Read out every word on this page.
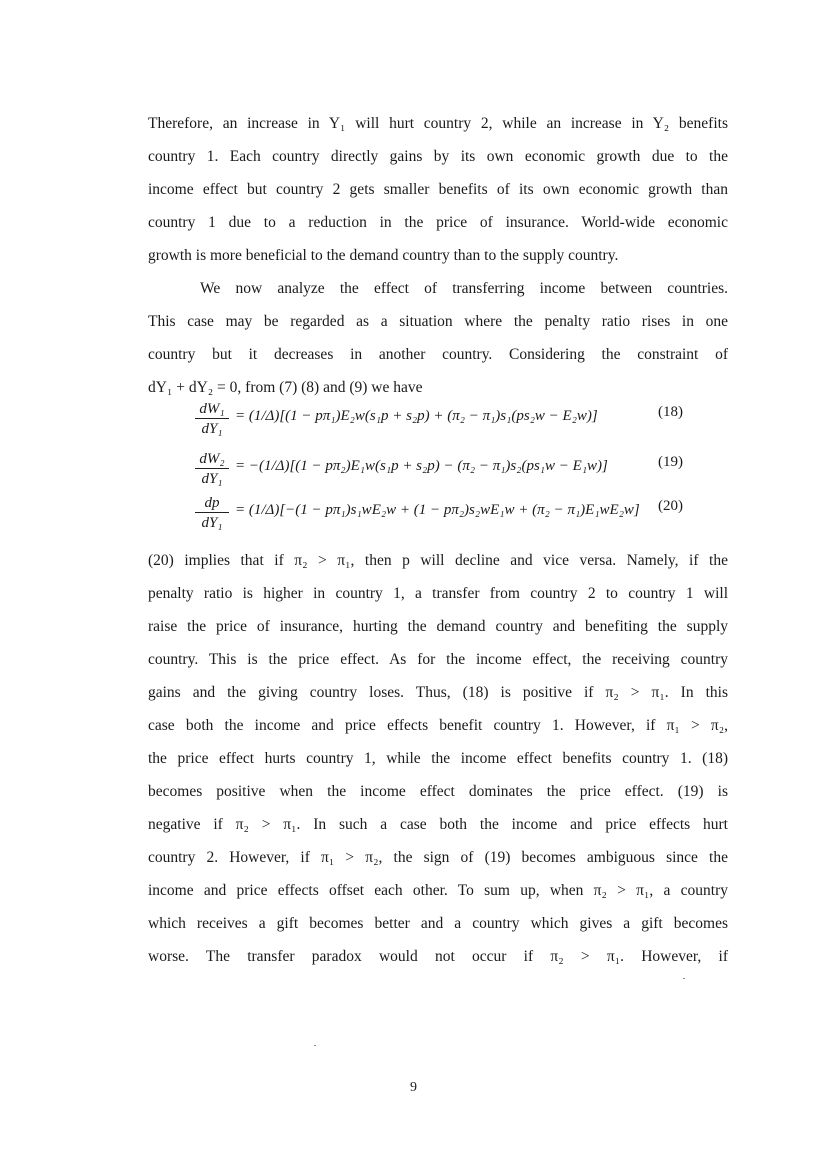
Therefore, an increase in Y₁ will hurt country 2, while an increase in Y₂ benefits
country 1. Each country directly gains by its own economic growth due to the
income effect but country 2 gets smaller benefits of its own economic growth than
country 1 due to a reduction in the price of insurance. World-wide economic
growth is more beneficial to the demand country than to the supply country.
We now analyze the effect of transferring income between countries.
This case may be regarded as a situation where the penalty ratio rises in one
country but it decreases in another country. Considering the constraint of
dY₁ + dY₂ = 0, from (7) (8) and (9) we have
$\frac{\text{dW₁}}{\text{dY₁}} = (1/\Delta)[(1 - p\pi_1)E_2w(s_1p + s_2p) + (\pi_2 - \pi_1)s_1(ps_2w - E_2w)]$	(18)
$\frac{\text{dW₂}}{\text{dY₁}} = -(1/\Delta)[(1 - p\pi_2)E_1w(s_1p + s_2p) - (\pi_2 - \pi_1)s_2(ps_1w - E_1w)]$	(19)
$\frac{dp}{\text{dY₁}} = (1/\Delta)[-(1 - p\pi_1)s_1wE_2w + (1 - p\pi_2)s_2wE_1w + (\pi_2 - \pi_1)E_1wE_2w]$ (20)
(20) implies that if π₂ > π₁, then p will decline and vice versa. Namely, if the
penalty ratio is higher in country 1, a transfer from country 2 to country 1 will
raise the price of insurance, hurting the demand country and benefiting the supply
country. This is the price effect. As for the income effect, the receiving country
gains and the giving country loses. Thus, (18) is positive if π₂ > π₁. In this
case both the income and price effects benefit country 1. However, if π₁ > π₂,
the price effect hurts country 1, while the income effect benefits country 1. (18)
becomes positive when the income effect dominates the price effect. (19) is
negative if π₂ > π₁. In such a case both the income and price effects hurt
country 2. However, if π₁ > π₂, the sign of (19) becomes ambiguous since the
income and price effects offset each other. To sum up, when π₂ > π₁, a country
which receives a gift becomes better and a country which gives a gift becomes
worse. The transfer paradox would not occur if π₂ > π₁. However, if
9
